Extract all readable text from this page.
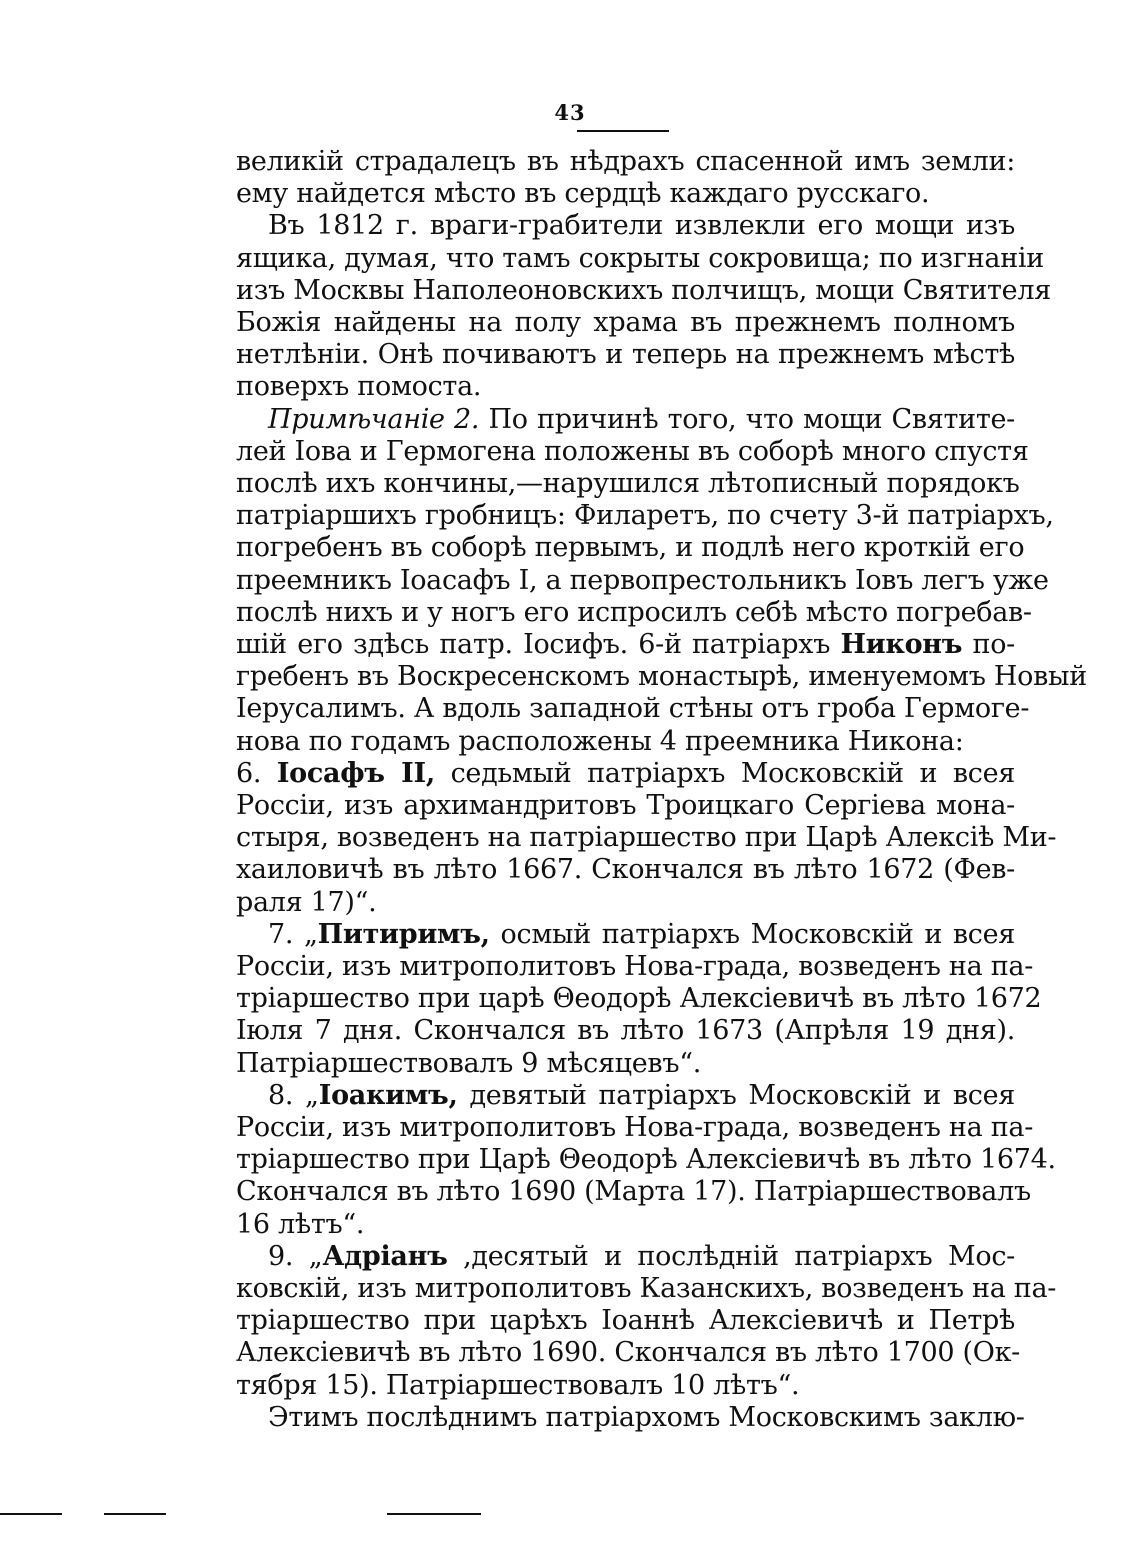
43
великій страдалецъ въ нѣдрахъ спасенной имъ земли:
ему найдется мѣсто въ сердцѣ каждаго русскаго.
Въ 1812 г. враги-грабители извлекли его мощи изъ
ящика, думая, что тамъ сокрыты сокровища; по изгнаніи
изъ Москвы Наполеоновскихъ полчищъ, мощи Святителя
Божія найдены на полу храма въ прежнемъ полномъ
нетлѣніи. Онѣ почиваютъ и теперь на прежнемъ мѣстѣ
поверхъ помоста.
Примѣчаніе 2. По причинѣ того, что мощи Святите-
лей Іова и Гермогена положены въ соборѣ много спустя
послѣ ихъ кончины,—нарушился лѣтописный порядокъ
патріаршихъ гробницъ: Филаретъ, по счету 3-й патріархъ,
погребенъ въ соборѣ первымъ, и подлѣ него кроткій его
преемникъ Іоасафъ I, а первопрестольникъ Іовъ легъ уже
послѣ нихъ и у ногъ его испросилъ себѣ мѣсто погребав-
шій его здѣсь патр. Іосифъ. 6-й патріархъ Никонъ по-
гребенъ въ Воскресенскомъ монастырѣ, именуемомъ Новый
Іерусалимъ. А вдоль западной стѣны отъ гроба Гермоге-
нова по годамъ расположены 4 преемника Никона:
6. Іосафъ II, седьмый патріархъ Московскій и всея
Россіи, изъ архимандритовъ Троицкаго Сергіева мона-
стыря, возведенъ на патріаршество при Царѣ Алексіѣ Ми-
хаиловичѣ въ лѣто 1667. Скончался въ лѣто 1672 (Фев-
раля 17)“.
7. „Питиримъ, осмый патріархъ Московскій и всея
Россіи, изъ митрополитовъ Нова-града, возведенъ на па-
тріаршество при царѣ Θеодорѣ Алексіевичѣ въ лѣто 1672
Іюля 7 дня. Скончался въ лѣто 1673 (Апрѣля 19 дня).
Патріаршествовалъ 9 мѣсяцевъ“.
8. „Іоакимъ, девятый патріархъ Московскій и всея
Россіи, изъ митрополитовъ Нова-града, возведенъ на па-
тріаршество при Царѣ Θеодорѣ Алексіевичѣ въ лѣто 1674.
Скончался въ лѣто 1690 (Марта 17). Патріаршествовалъ
16 лѣтъ“.
9. „Адріанъ ,десятый и послѣдній патріархъ Мос-
ковскій, изъ митрополитовъ Казанскихъ, возведенъ на па-
тріаршество при царѣхъ Іоаннѣ Алексіевичѣ и Петрѣ
Алексіевичѣ въ лѣто 1690. Скончался въ лѣто 1700 (Ок-
тября 15). Патріаршествовалъ 10 лѣтъ“.
Этимъ послѣднимъ патріархомъ Московскимъ заклю-
